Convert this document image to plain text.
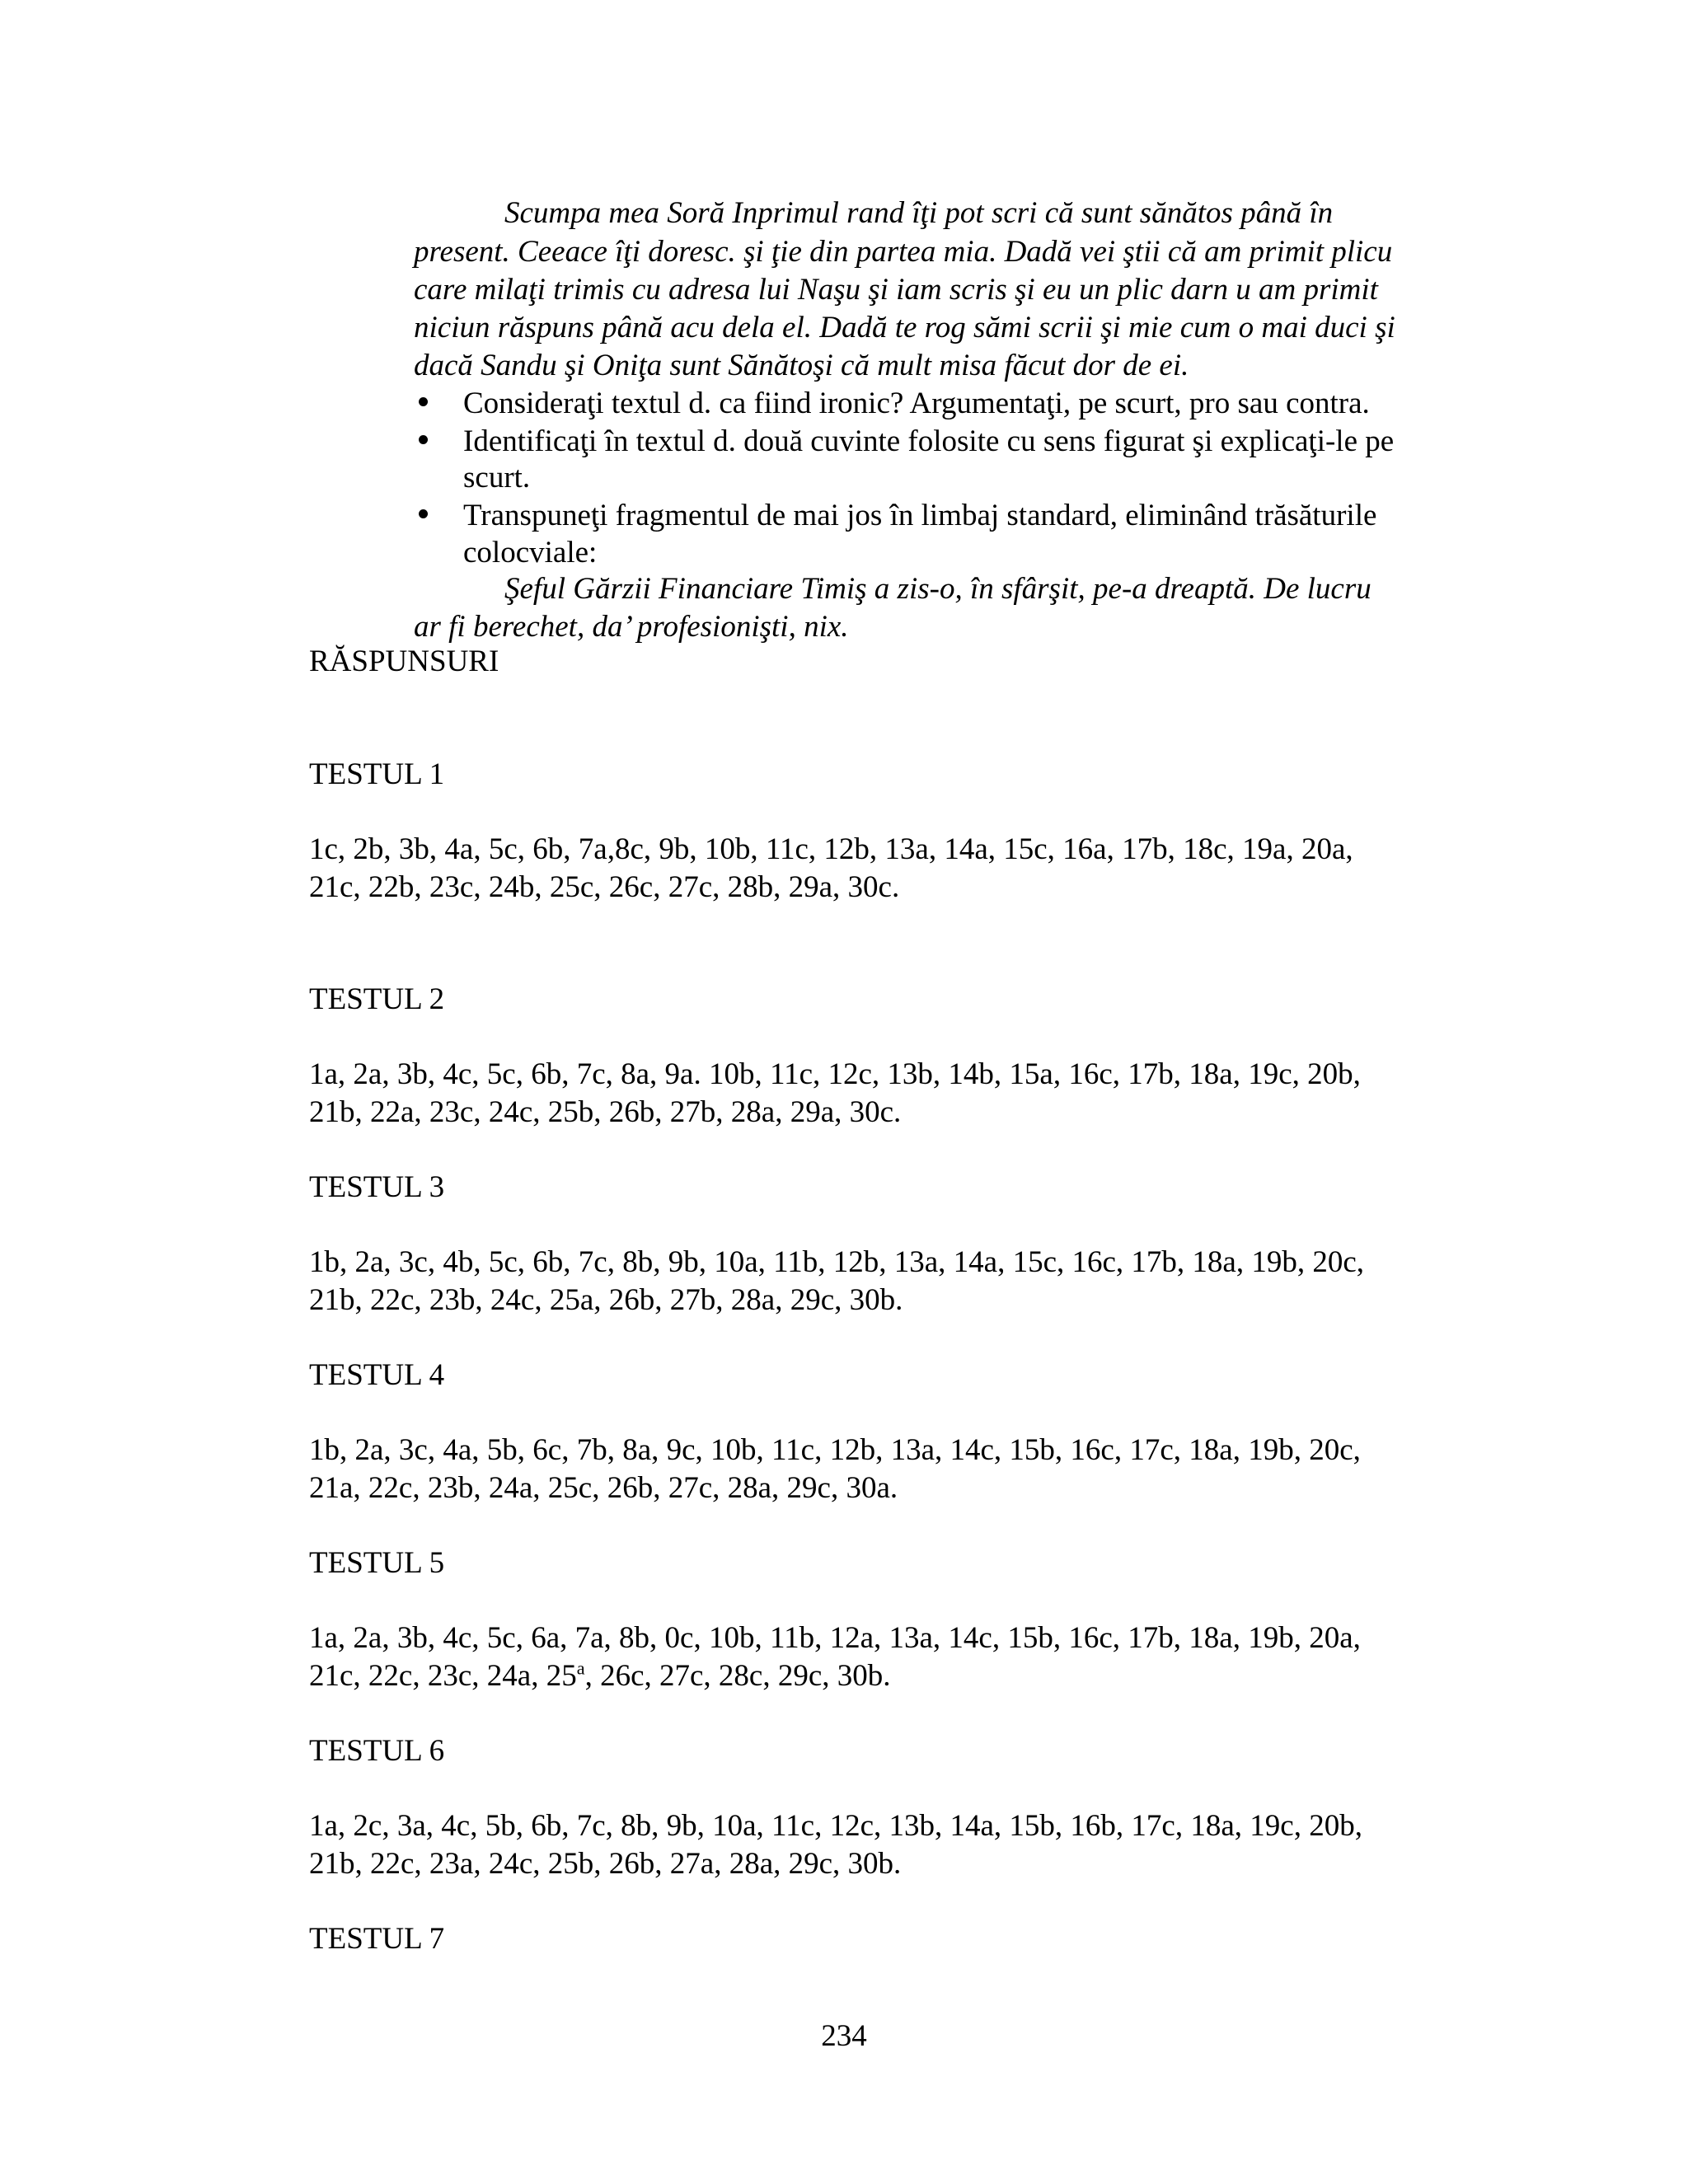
Scumpa mea Soră Inprimul rand îţi pot scri că sunt sănătos până în
present. Ceeace îţi doresc. şi ţie din partea mia. Dadă vei ştii că am primit plicu
care milaţi trimis cu adresa lui Naşu şi iam scris şi eu un plic darn u am primit
niciun răspuns până acu dela el. Dadă te rog sămi scrii şi mie cum o mai duci şi
dacă Sandu şi Oniţa sunt Sănătoşi că mult misa făcut dor de ei.
Consideraţi textul d. ca fiind ironic? Argumentaţi, pe scurt, pro sau contra.
Identificaţi în textul d. două cuvinte folosite cu sens figurat şi explicaţi-le pe
scurt.
Transpuneţi fragmentul de mai jos în limbaj standard, eliminând trăsăturile
colocviale:
Şeful Gărzii Financiare Timiş a zis-o, în sfârşit, pe-a dreaptă. De lucru
ar fi berechet, da’ profesionişti, nix.
RĂSPUNSURI
TESTUL 1
1c, 2b, 3b, 4a, 5c, 6b, 7a,8c, 9b, 10b, 11c, 12b, 13a, 14a, 15c, 16a, 17b, 18c, 19a, 20a,
21c, 22b, 23c, 24b, 25c, 26c, 27c, 28b, 29a, 30c.
TESTUL 2
1a, 2a, 3b, 4c, 5c, 6b, 7c, 8a, 9a. 10b, 11c, 12c, 13b, 14b, 15a, 16c, 17b, 18a, 19c, 20b,
21b, 22a, 23c, 24c, 25b, 26b, 27b, 28a, 29a, 30c.
TESTUL 3
1b, 2a, 3c, 4b, 5c, 6b, 7c, 8b, 9b, 10a, 11b, 12b, 13a, 14a, 15c, 16c, 17b, 18a, 19b, 20c,
21b, 22c, 23b, 24c, 25a, 26b, 27b, 28a, 29c, 30b.
TESTUL 4
1b, 2a, 3c, 4a, 5b, 6c, 7b, 8a, 9c, 10b, 11c, 12b, 13a, 14c, 15b, 16c, 17c, 18a, 19b, 20c,
21a, 22c, 23b, 24a, 25c, 26b, 27c, 28a, 29c, 30a.
TESTUL 5
1a, 2a, 3b, 4c, 5c, 6a, 7a, 8b, 0c, 10b, 11b, 12a, 13a, 14c, 15b, 16c, 17b, 18a, 19b, 20a,
21c, 22c, 23c, 24a, 25$^a$, 26c, 27c, 28c, 29c, 30b.
TESTUL 6
1a, 2c, 3a, 4c, 5b, 6b, 7c, 8b, 9b, 10a, 11c, 12c, 13b, 14a, 15b, 16b, 17c, 18a, 19c, 20b,
21b, 22c, 23a, 24c, 25b, 26b, 27a, 28a, 29c, 30b.
TESTUL 7
234
